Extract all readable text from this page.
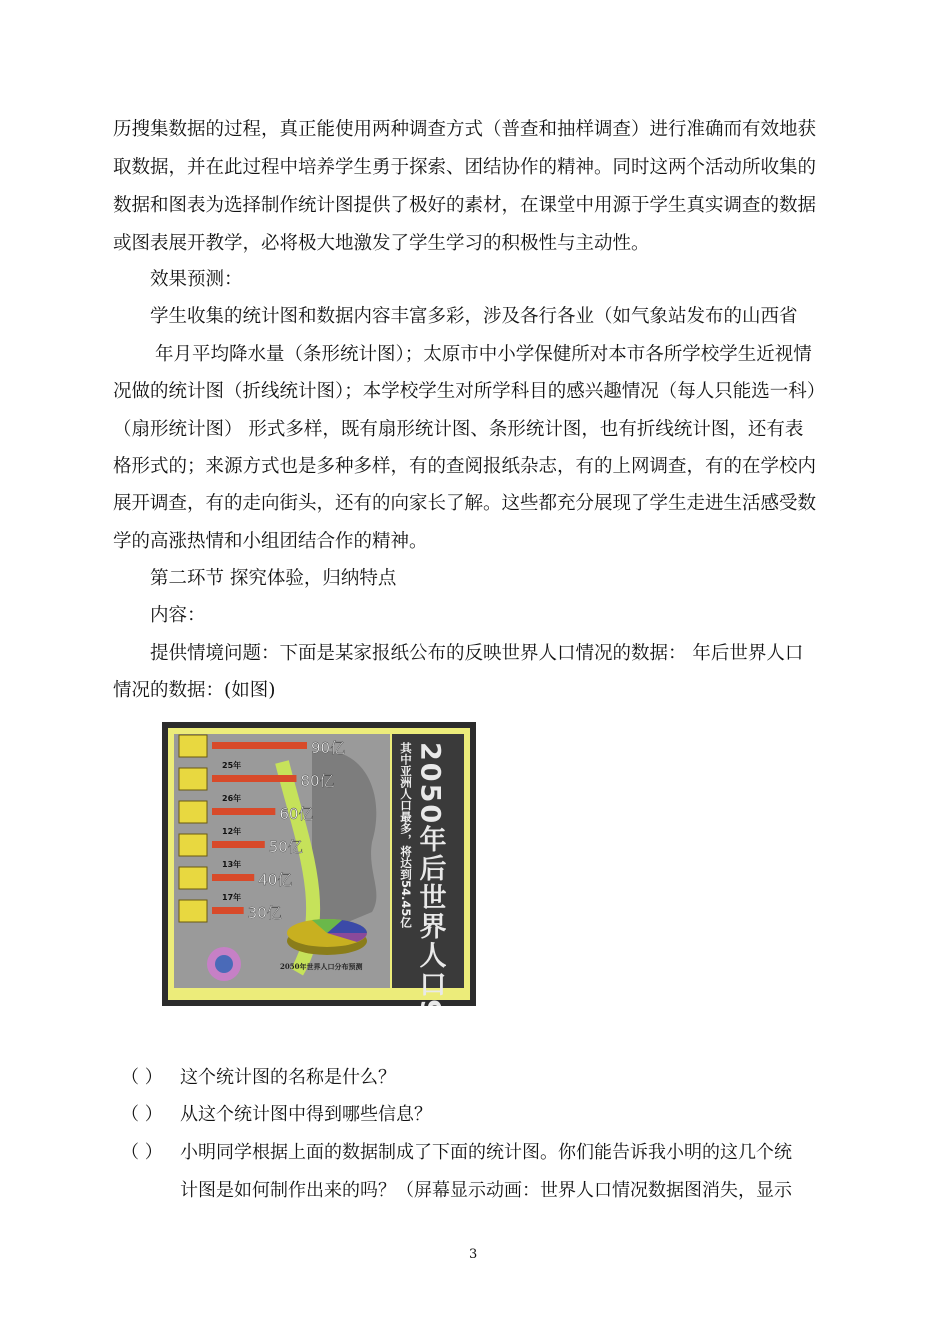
历搜集数据的过程，真正能使用两种调查方式（普查和抽样调查）进行准确而有效地获
取数据，并在此过程中培养学生勇于探索、团结协作的精神。同时这两个活动所收集的
数据和图表为选择制作统计图提供了极好的素材，在课堂中用源于学生真实调查的数据
或图表展开教学，必将极大地激发了学生学习的积极性与主动性。
效果预测：
学生收集的统计图和数据内容丰富多彩，涉及各行各业（如气象站发布的山西省
年月平均降水量（条形统计图）；太原市中小学保健所对本市各所学校学生近视情
况做的统计图（折线统计图）；本学校学生对所学科目的感兴趣情况（每人只能选一科）
（扇形统计图） 形式多样，既有扇形统计图、条形统计图，也有折线统计图，还有表
格形式的；来源方式也是多种多样，有的查阅报纸杂志，有的上网调查，有的在学校内
展开调查，有的走向街头，还有的向家长了解。这些都充分展现了学生走进生活感受数
学的高涨热情和小组团结合作的精神。
第二环节 探究体验，归纳特点
内容：
提供情境问题：下面是某家报纸公布的反映世界人口情况的数据： 年后世界人口
情况的数据：(如图)
2050年后世界人口90亿
其中亚洲人口最多，将达到54.45亿
90亿
80亿
60亿
50亿
40亿
30亿
25年
26年
12年
13年
17年
2050年世界人口分布预测
（ ） 这个统计图的名称是什么？
（ ） 从这个统计图中得到哪些信息？
（ ） 小明同学根据上面的数据制成了下面的统计图。你们能告诉我小明的这几个统
计图是如何制作出来的吗？（屏幕显示动画：世界人口情况数据图消失，显示
3
